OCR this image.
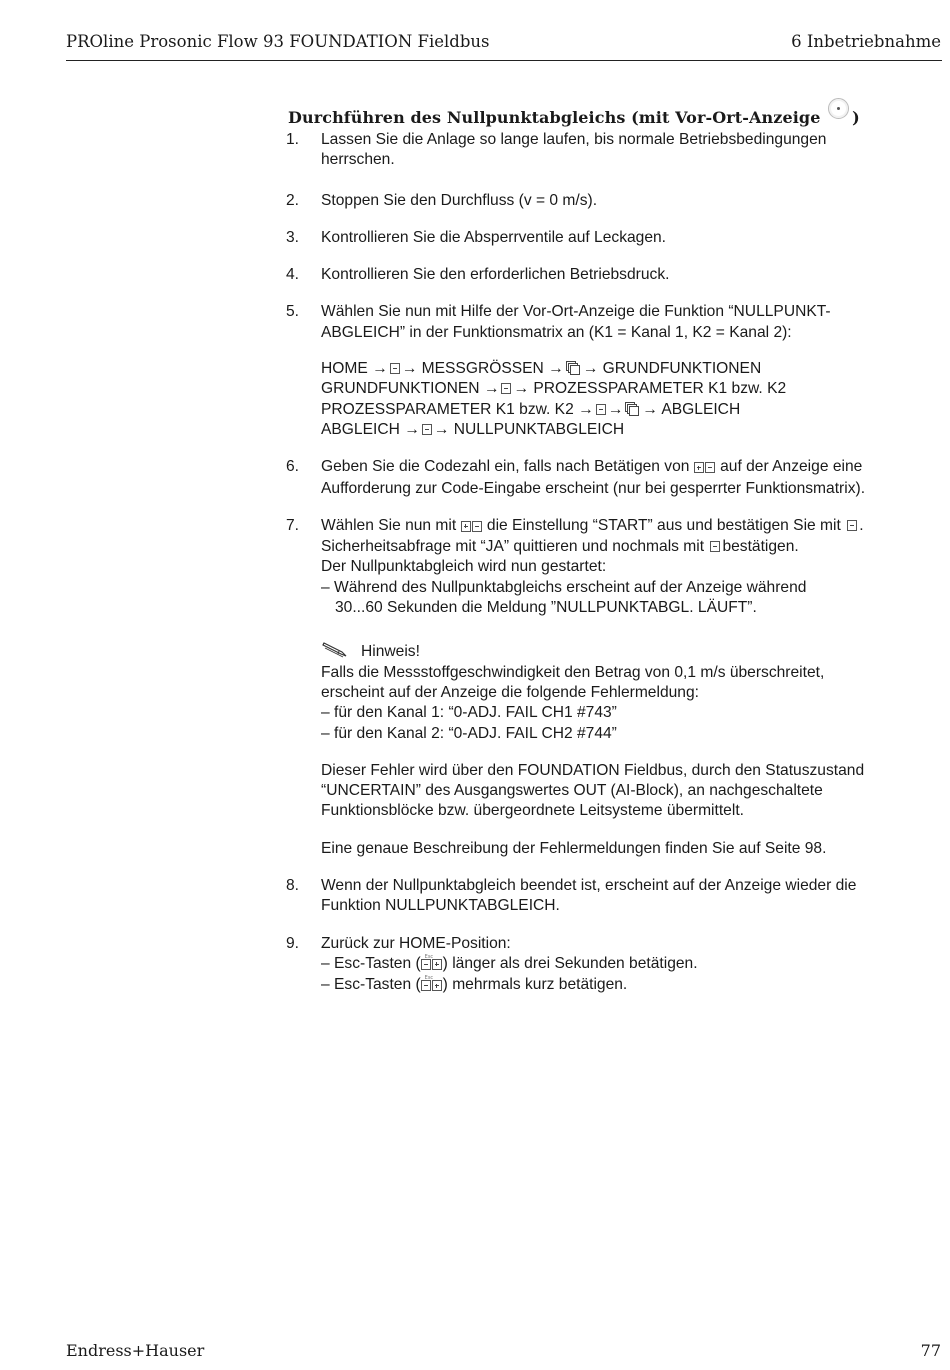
PROline Prosonic Flow 93 FOUNDATION Fieldbus	6 Inbetriebnahme
Durchführen des Nullpunktabgleichs (mit Vor-Ort-Anzeige )
1. Lassen Sie die Anlage so lange laufen, bis normale Betriebsbedingungen
herrschen.
2. Stoppen Sie den Durchfluss (v = 0 m/s).
3. Kontrollieren Sie die Absperrventile auf Leckagen.
4. Kontrollieren Sie den erforderlichen Betriebsdruck.
5. Wählen Sie nun mit Hilfe der Vor-Ort-Anzeige die Funktion “NULLPUNKT-
ABGLEICH” in der Funktionsmatrix an (K1 = Kanal 1, K2 = Kanal 2):
HOME → → MESSGRÖSSEN → → GRUNDFUNKTIONEN
GRUNDFUNKTIONEN → → PROZESSPARAMETER K1 bzw. K2
PROZESSPARAMETER K1 bzw. K2 → → → ABGLEICH
ABGLEICH → → NULLPUNKTABGLEICH
6. Geben Sie die Codezahl ein, falls nach Betätigen von auf der Anzeige eine
Aufforderung zur Code-Eingabe erscheint (nur bei gesperrter Funktionsmatrix).
7. Wählen Sie nun mit die Einstellung “START” aus und bestätigen Sie mit .
Sicherheitsabfrage mit “JA” quittieren und nochmals mit bestätigen.
Der Nullpunktabgleich wird nun gestartet:
– Während des Nullpunktabgleichs erscheint auf der Anzeige während
30...60 Sekunden die Meldung ”NULLPUNKTABGL. LÄUFT”.
Hinweis!
Falls die Messstoffgeschwindigkeit den Betrag von 0,1 m/s überschreitet,
erscheint auf der Anzeige die folgende Fehlermeldung:
– für den Kanal 1: “0-ADJ. FAIL CH1 #743”
– für den Kanal 2: “0-ADJ. FAIL CH2 #744”
Dieser Fehler wird über den FOUNDATION Fieldbus, durch den Statuszustand
“UNCERTAIN” des Ausgangswertes OUT (AI-Block), an nachgeschaltete
Funktionsblöcke bzw. übergeordnete Leitsysteme übermittelt.
Eine genaue Beschreibung der Fehlermeldungen finden Sie auf Seite 98.
8. Wenn der Nullpunktabgleich beendet ist, erscheint auf der Anzeige wieder die
Funktion NULLPUNKTABGLEICH.
9. Zurück zur HOME-Position:
– Esc-Tasten ( Esc ) länger als drei Sekunden betätigen.
– Esc-Tasten ( Esc ) mehrmals kurz betätigen.
Endress+Hauser	77
